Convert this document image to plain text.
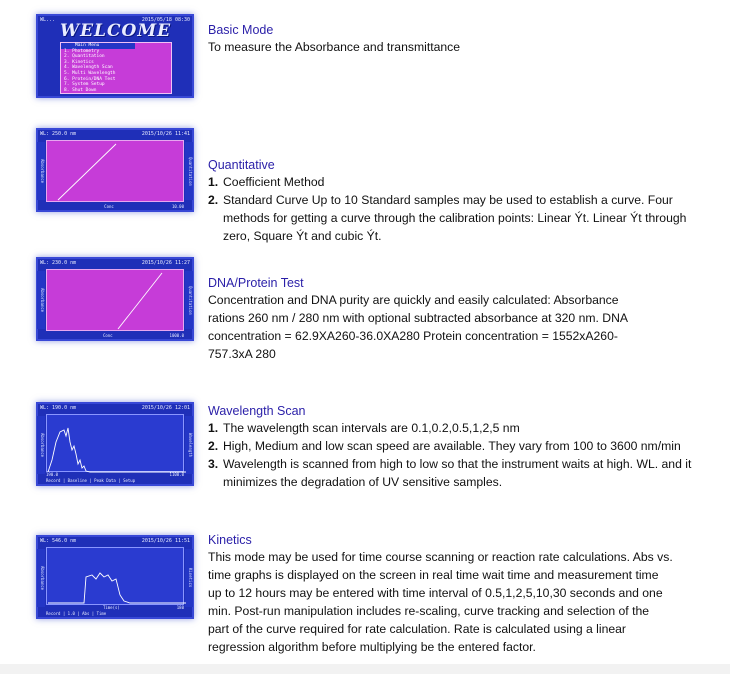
WL...	2015/05/18 08:30
WELCOME
Main Menu
1. Photometry
2. Quantitation
3. Kinetics
4. Wavelength Scan
5. Multi Wavelength
6. Protein/DNA Test
7. System Setup
8. Shut Down
Basic Mode
To measure the Absorbance and transmittance
WL: 250.0 nm	2015/10/26 11:41
Absorbance	Quantitation
Conc	10.00
Quantitative
1. Coefficient Method
2. Standard Curve Up to 10 Standard samples may be used to establish a curve. Four methods for getting a curve through the calibration points: Linear Ýt. Linear Ýt through zero, Square Ýt and cubic Ýt.
WL: 230.0 nm	2015/10/26 11:27
Absorbance	Quantitation
Conc	1000.0
DNA/Protein Test
Concentration and DNA purity are quickly and easily calculated: Absorbance
rations 260 nm / 280 nm with optional subtracted absorbance at 320 nm. DNA
concentration = 62.9XA260-36.0XA280 Protein concentration = 1552xA260-
757.3xA 280
WL: 190.0 nm	2015/10/26 12:01
Absorbance	Wavelength
190.0	1100.0
Record | Baseline | Peak Data | Setup
Wavelength Scan
1. The wavelength scan intervals are 0.1,0.2,0.5,1,2,5 nm
2. High, Medium and low scan speed are available. They vary from 100 to 3600 nm/min
3. Wavelength is scanned from high to low so that the instrument waits at high. WL. and it minimizes the degradation of UV sensitive samples.
WL: 546.0 nm	2015/10/26 11:51
Absorbance	Kinetics
Time(s)	180
Record | 1.0 | Abs | Time
Kinetics
This mode may be used for time course scanning or reaction rate calculations. Abs vs.
time graphs is displayed on the screen in real time wait time and measurement time
up to 12 hours may be entered with time interval of 0.5,1,2,5,10,30 seconds and one
min. Post-run manipulation includes re-scaling, curve tracking and selection of the
part of the curve required for rate calculation. Rate is calculated using a linear
regression algorithm before multiplying be the entered factor.
